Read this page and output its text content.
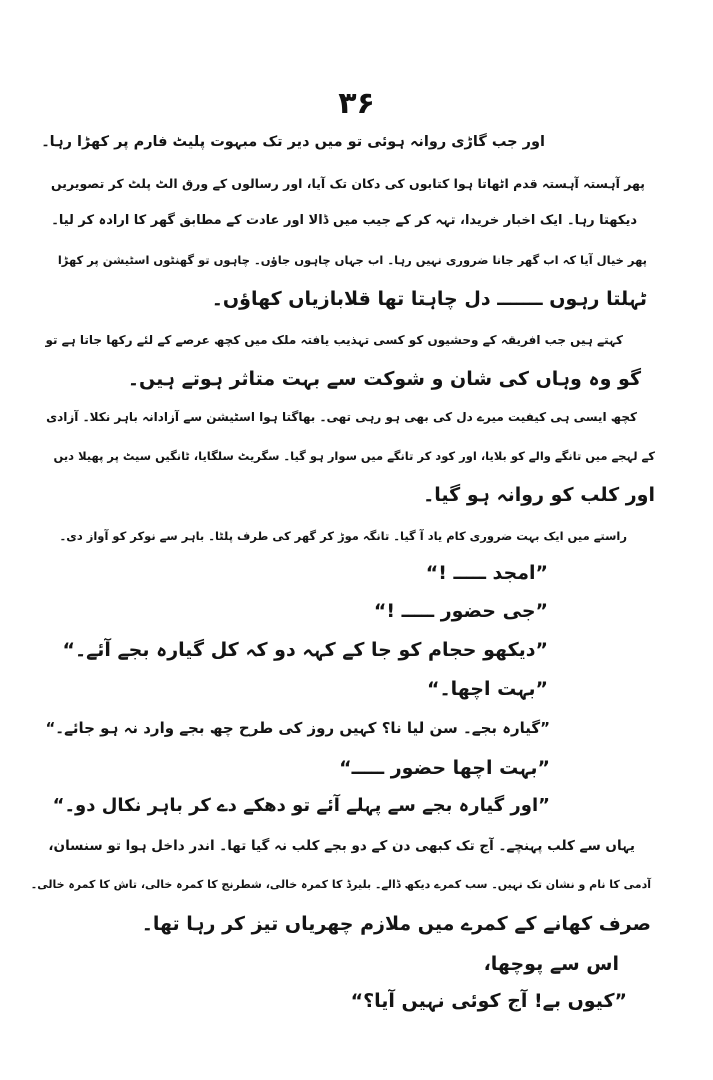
۳۶
اور جب گاڑی روانہ ہوئی تو میں دیر تک مبہوت پلیٹ فارم پر کھڑا رہا۔
پھر آہستہ آہستہ قدم اٹھاتا ہوا کتابوں کی دکان تک آیا، اور رسالوں کے ورق الٹ پلٹ کر تصویریں
دیکھتا رہا۔ ایک اخبار خریدا، تہہ کر کے جیب میں ڈالا اور عادت کے مطابق گھر کا ارادہ کر لیا۔
پھر خیال آیا کہ اب گھر جانا ضروری نہیں رہا۔ اب جہاں چاہوں جاؤں۔ چاہوں تو گھنٹوں اسٹیشن پر کھڑا
ٹہلتا رہوں ـــــــ دل چاہتا تھا قلابازیاں کھاؤں۔
کہتے ہیں جب افریقہ کے وحشیوں کو کسی تہذیب یافتہ ملک میں کچھ عرصے کے لئے رکھا جاتا ہے تو
گو وہ وہاں کی شان و شوکت سے بہت متاثر ہوتے ہیں۔
کچھ ایسی ہی کیفیت میرے دل کی بھی ہو رہی تھی۔ بھاگتا ہوا اسٹیشن سے آزادانہ باہر نکلا۔ آزادی
کے لہجے میں تانگے والے کو بلایا، اور کود کر تانگے میں سوار ہو گیا۔ سگریٹ سلگایا، ٹانگیں سیٹ پر پھیلا دیں
اور کلب کو روانہ ہو گیا۔
راستے میں ایک بہت ضروری کام یاد آ گیا۔ تانگہ موڑ کر گھر کی طرف پلٹا۔ باہر سے نوکر کو آواز دی۔
”امجد ـــــ !“
”جی حضور ـــــ !“
”دیکھو حجام کو جا کے کہہ دو کہ کل گیارہ بجے آئے۔“
”بہت اچھا۔“
”گیارہ بجے۔ سن لیا نا؟ کہیں روز کی طرح چھ بجے وارد نہ ہو جائے۔“
”بہت اچھا حضور ـــــ“
”اور گیارہ بجے سے پہلے آئے تو دھکے دے کر باہر نکال دو۔“
یہاں سے کلب پہنچے۔ آج تک کبھی دن کے دو بجے کلب نہ گیا تھا۔ اندر داخل ہوا تو سنسان،
آدمی کا نام و نشان تک نہیں۔ سب کمرے دیکھ ڈالے۔ بلیرڈ کا کمرہ خالی، شطرنج کا کمرہ خالی، تاش کا کمرہ خالی۔
صرف کھانے کے کمرے میں ملازم چھریاں تیز کر رہا تھا۔
اس سے پوچھا،
”کیوں بے! آج کوئی نہیں آیا؟“
